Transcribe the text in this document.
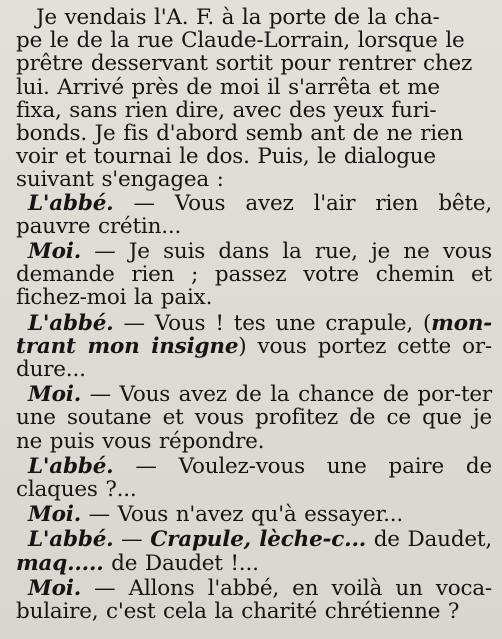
Je vendais l'A. F. à la porte de la cha-
pe le de la rue Claude-Lorrain, lorsque le
prêtre desservant sortit pour rentrer chez
lui. Arrivé près de moi il s'arrêta et me
fixa, sans rien dire, avec des yeux furi-
bonds. Je fis d'abord semb ant de ne rien
voir et tournai le dos. Puis, le dialogue
suivant s'engagea :

L'abbé. — Vous avez l'air rien bête, pauvre crétin...

Moi. — Je suis dans la rue, je ne vous demande rien ; passez votre chemin et fichez-moi la paix.

L'abbé. — Vous ! tes une crapule, (mon-trant mon insigne) vous portez cette or-dure...

Moi. — Vous avez de la chance de por-ter une soutane et vous profitez de ce que je ne puis vous répondre.

L'abbé. — Voulez-vous une paire de claques ?...

Moi. — Vous n'avez qu'à essayer...

L'abbé. — Crapule, lèche-c... de Daudet, maq..... de Daudet !...

Moi. — Allons l'abbé, en voilà un voca-bulaire, c'est cela la charité chrétienne ?
